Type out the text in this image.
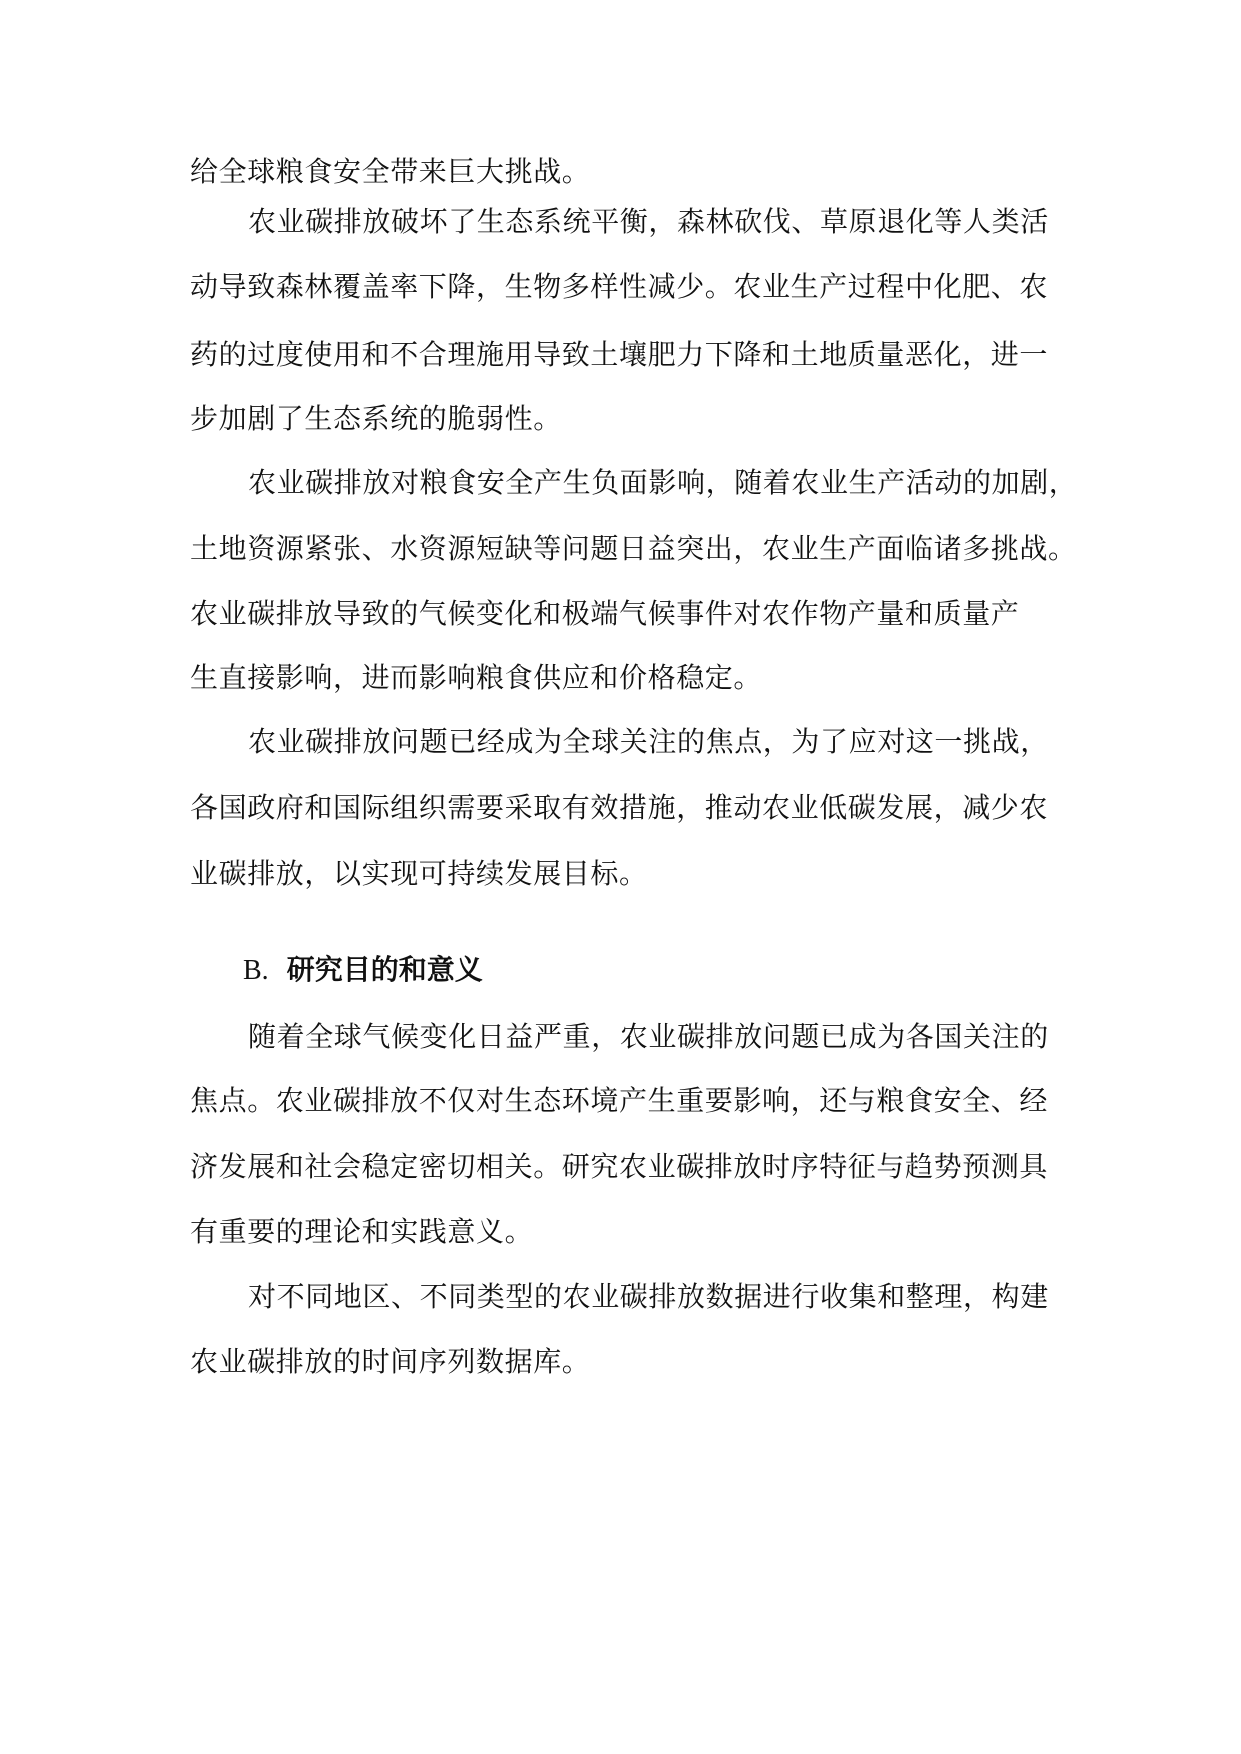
给全球粮食安全带来巨大挑战。
农业碳排放破坏了生态系统平衡，森林砍伐、草原退化等人类活
动导致森林覆盖率下降，生物多样性减少。农业生产过程中化肥、农
药的过度使用和不合理施用导致土壤肥力下降和土地质量恶化，进一
步加剧了生态系统的脆弱性。
农业碳排放对粮食安全产生负面影响，随着农业生产活动的加剧，
土地资源紧张、水资源短缺等问题日益突出，农业生产面临诸多挑战。
农业碳排放导致的气候变化和极端气候事件对农作物产量和质量产
生直接影响，进而影响粮食供应和价格稳定。
农业碳排放问题已经成为全球关注的焦点，为了应对这一挑战，
各国政府和国际组织需要采取有效措施，推动农业低碳发展，减少农
业碳排放，以实现可持续发展目标。
B. 研究目的和意义
随着全球气候变化日益严重，农业碳排放问题已成为各国关注的
焦点。农业碳排放不仅对生态环境产生重要影响，还与粮食安全、经
济发展和社会稳定密切相关。研究农业碳排放时序特征与趋势预测具
有重要的理论和实践意义。
对不同地区、不同类型的农业碳排放数据进行收集和整理，构建
农业碳排放的时间序列数据库。
